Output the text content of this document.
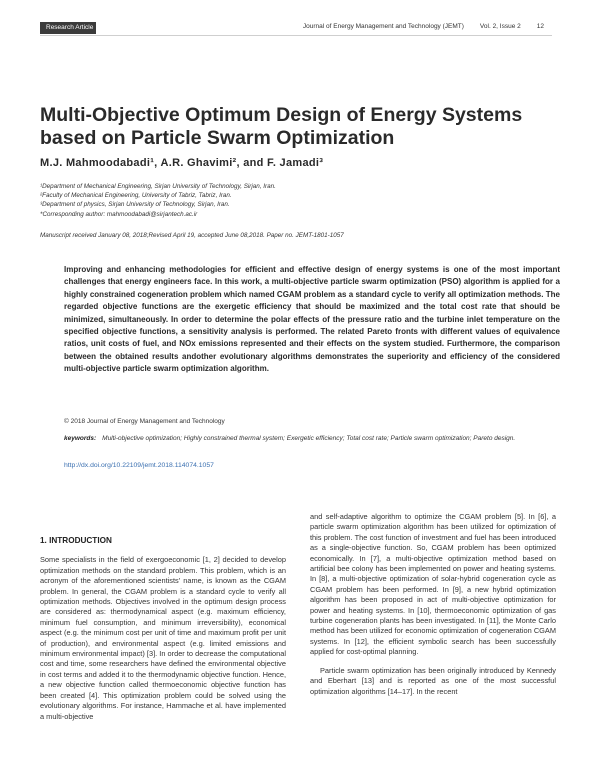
Research Article	Journal of Energy Management and Technology (JEMT) Vol. 2, Issue 2 12
Multi-Objective Optimum Design of Energy Systems based on Particle Swarm Optimization
M.J. Mahmoodabadi¹, A.R. Ghavimi², and F. Jamadi³
¹Department of Mechanical Engineering, Sirjan University of Technology, Sirjan, Iran.
²Faculty of Mechanical Engineering, University of Tabriz, Tabriz, Iran.
³Department of physics, Sirjan University of Technology, Sirjan, Iran.
*Corresponding author: mahmoodabadi@sirjantech.ac.ir
Manuscript received January 08, 2018;Revised April 19, accepted June 08,2018. Paper no. JEMT-1801-1057
Improving and enhancing methodologies for efficient and effective design of energy systems is one of the most important challenges that energy engineers face. In this work, a multi-objective particle swarm optimization (PSO) algorithm is applied for a highly constrained cogeneration problem which named CGAM problem as a standard cycle to verify all optimization methods. The regarded objective functions are the exergetic efficiency that should be maximized and the total cost rate that should be minimized, simultaneously. In order to determine the polar effects of the pressure ratio and the turbine inlet temperature on the specified objective functions, a sensitivity analysis is performed. The related Pareto fronts with different values of equivalence ratios, unit costs of fuel, and NOx emissions represented and their effects on the system studied. Furthermore, the comparison between the obtained results andother evolutionary algorithms demonstrates the superiority and efficiency of the considered multi-objective particle swarm optimization algorithm.
© 2018 Journal of Energy Management and Technology
keywords: Multi-objective optimization; Highly constrained thermal system; Exergetic efficiency; Total cost rate; Particle swarm optimization; Pareto design.
http://dx.doi.org/10.22109/jemt.2018.114074.1057
1. INTRODUCTION

Some specialists in the field of exergoeconomic [1, 2] decided to develop optimization methods on the standard problem. This problem, which is an acronym of the aforementioned scientists' name, is known as the CGAM problem. In general, the CGAM problem is a standard cycle to verify all optimization methods. Objectives involved in the optimum design process are considered as: thermodynamical aspect (e.g. maximum efficiency, minimum fuel consumption, and minimum irreversibility), economical aspect (e.g. the minimum cost per unit of time and maximum profit per unit of production), and environmental aspect (e.g. limited emissions and minimum environmental impact) [3]. In order to decrease the computational cost and time, some researchers have defined the environmental objective in cost terms and added it to the thermodynamic objective function. Hence, a new objective function called thermoeconomic objective function has been created [4]. This optimization problem could be solved using the evolutionary algorithms. For instance, Hammache et al. have implemented a multi-objective

and self-adaptive algorithm to optimize the CGAM problem [5]. In [6], a particle swarm optimization algorithm has been utilized for optimization of this problem. The cost function of investment and fuel has been introduced as a single-objective function. So, CGAM problem has been optimized economically. In [7], a multi-objective optimization method based on artificial bee colony has been implemented on power and heating systems. In [8], a multi-objective optimization of solar-hybrid cogeneration cycle as CGAM problem has been performed. In [9], a new hybrid optimization algorithm has been proposed in act of multi-objective optimization for power and heating systems. In [10], thermoeconomic optimization of gas turbine cogeneration plants has been investigated. In [11], the Monte Carlo method has been utilized for economic optimization of cogeneration CGAM systems. In [12], the efficient symbolic search has been successfully applied for cost-optimal planning.

Particle swarm optimization has been originally introduced by Kennedy and Eberhart [13] and is reported as one of the most successful optimization algorithms [14–17]. In the recent
